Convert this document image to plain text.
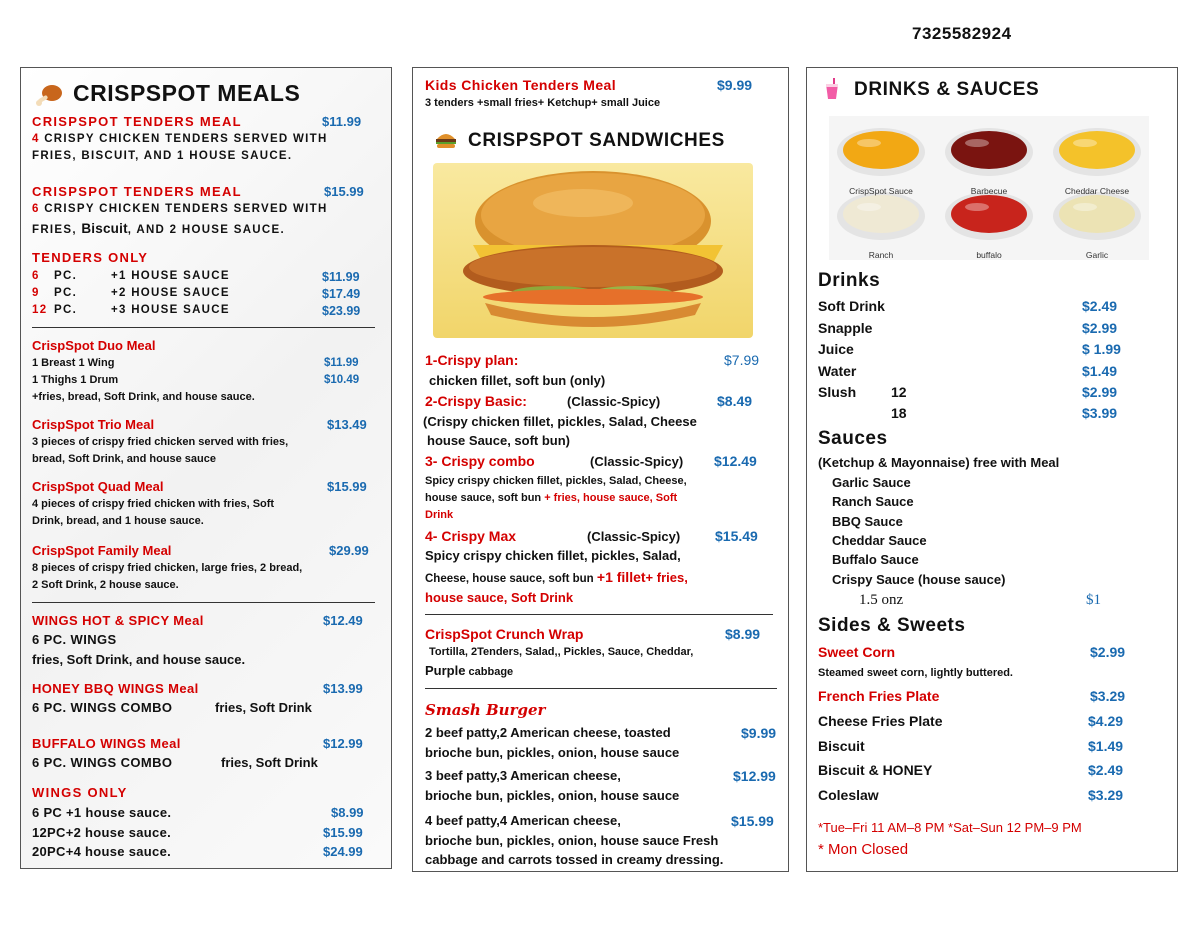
7325582924
CRISPSPOT MEALS
CRISPSPOT TENDERS MEAL	$11.99
4 CRISPY CHICKEN TENDERS SERVED WITH
FRIES, BISCUIT, AND 1 HOUSE SAUCE.
CRISPSPOT TENDERS MEAL	$15.99
6 CRISPY CHICKEN TENDERS SERVED WITH
FRIES, Biscuit, AND 2 HOUSE SAUCE.
TENDERS ONLY
6 PC.	+1 HOUSE SAUCE	$11.99
9 PC.	+2 HOUSE SAUCE	$17.49
12 PC.	+3 HOUSE SAUCE	$23.99
CrispSpot Duo Meal
1 Breast 1 Wing	$11.99
1 Thighs 1 Drum	$10.49
+fries, bread, Soft Drink, and house sauce.
CrispSpot Trio Meal	$13.49
3 pieces of crispy fried chicken served with fries,
bread, Soft Drink, and house sauce
CrispSpot Quad Meal	$15.99
4 pieces of crispy fried chicken with fries, Soft
Drink, bread, and 1 house sauce.
CrispSpot Family Meal	$29.99
8 pieces of crispy fried chicken, large fries, 2 bread,
2 Soft Drink, 2 house sauce.
WINGS HOT & SPICY Meal	$12.49
6 PC. WINGS
fries, Soft Drink, and house sauce.
HONEY BBQ WINGS Meal	$13.99
6 PC. WINGS COMBO	fries, Soft Drink
BUFFALO WINGS Meal	$12.99
6 PC. WINGS COMBO	fries, Soft Drink
WINGS ONLY
6 PC +1 house sauce.	$8.99
12PC+2 house sauce.	$15.99
20PC+4 house sauce.	$24.99
Kids Chicken Tenders Meal	$9.99
3 tenders +small fries+ Ketchup+ small Juice
CRISPSPOT SANDWICHES
1-Crispy plan:	$7.99
chicken fillet, soft bun (only)
2-Crispy Basic:	(Classic-Spicy)	$8.49
(Crispy chicken fillet, pickles, Salad, Cheese
house Sauce, soft bun)
3- Crispy combo	(Classic-Spicy) $12.49
Spicy crispy chicken fillet, pickles, Salad, Cheese,
house sauce, soft bun + fries, house sauce, Soft
Drink
4- Crispy Max	(Classic-Spicy) $15.49
Spicy crispy chicken fillet, pickles, Salad,
Cheese, house sauce, soft bun +1 fillet+ fries,
house sauce, Soft Drink
CrispSpot Crunch Wrap	$8.99
Tortilla, 2Tenders, Salad,, Pickles, Sauce, Cheddar,
Purple cabbage
Smash Burger
2 beef patty,2 American cheese, toasted	$9.99
brioche bun, pickles, onion, house sauce
3 beef patty,3 American cheese,	$12.99
brioche bun, pickles, onion, house sauce
4 beef patty,4 American cheese,	$15.99
brioche bun, pickles, onion, house sauce Fresh
cabbage and carrots tossed in creamy dressing.
DRINKS & SAUCES
CrispSpot Sauce	Barbecue	Cheddar Cheese
Ranch	buffalo	Garlic
Drinks
Soft Drink	$2.49
Snapple	$2.99
Juice	$ 1.99
Water	$1.49
Slush 12	$2.99
18	$3.99
Sauces
(Ketchup & Mayonnaise) free with Meal
Garlic Sauce
Ranch Sauce
BBQ Sauce
Cheddar Sauce
Buffalo Sauce
Crispy Sauce (house sauce)
1.5 onz	$1
Sides & Sweets
Sweet Corn	$2.99
Steamed sweet corn, lightly buttered.
French Fries Plate	$3.29
Cheese Fries Plate	$4.29
Biscuit	$1.49
Biscuit & HONEY	$2.49
Coleslaw	$3.29
*Tue–Fri 11 AM–8 PM *Sat–Sun 12 PM–9 PM
* Mon Closed
